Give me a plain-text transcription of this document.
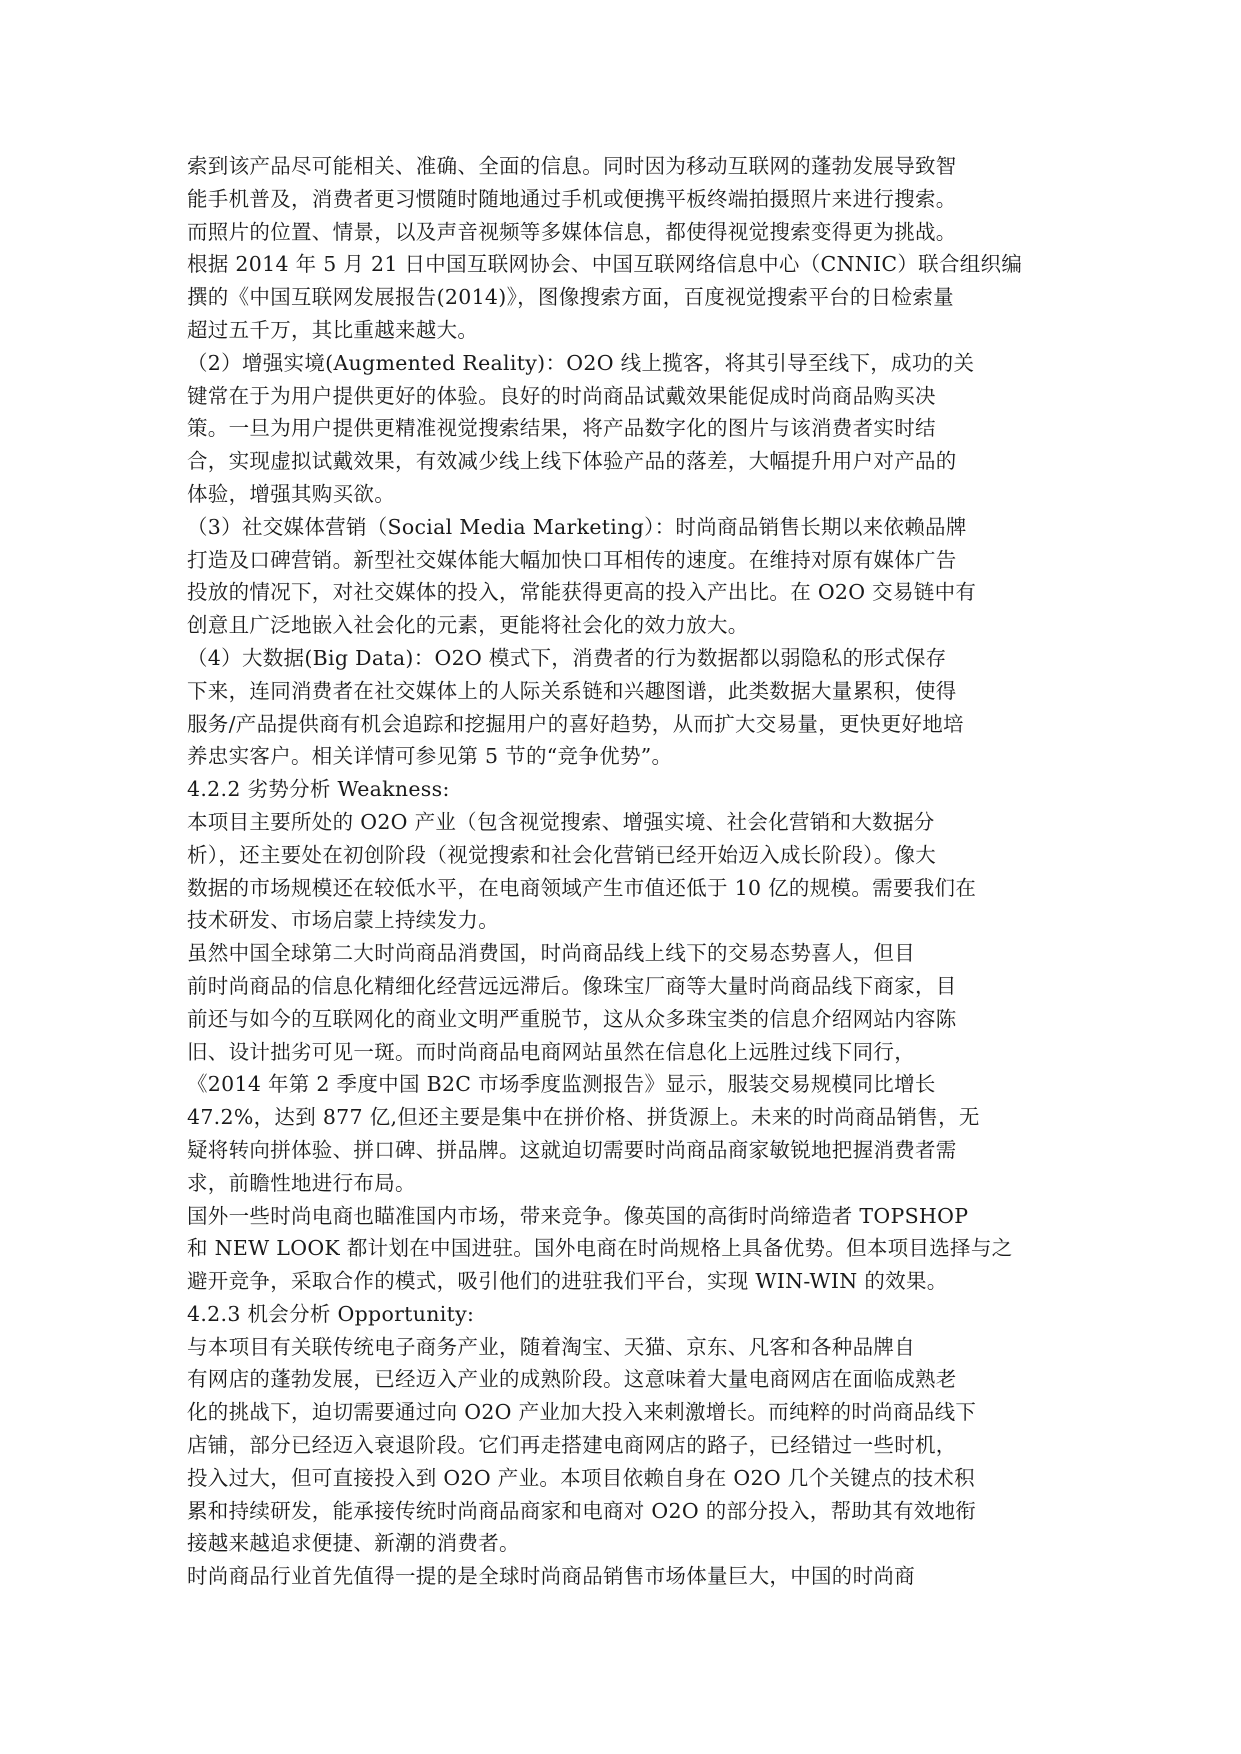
索到该产品尽可能相关、准确、全面的信息。同时因为移动互联网的蓬勃发展导致智
能手机普及，消费者更习惯随时随地通过手机或便携平板终端拍摄照片来进行搜索。
而照片的位置、情景，以及声音视频等多媒体信息，都使得视觉搜索变得更为挑战。
根据 2014 年 5 月 21 日中国互联网协会、中国互联网络信息中心（CNNIC）联合组织编
撰的《中国互联网发展报告(2014)》，图像搜索方面，百度视觉搜索平台的日检索量
超过五千万，其比重越来越大。
（2）增强实境(Augmented Reality)：O2O 线上揽客，将其引导至线下，成功的关
键常在于为用户提供更好的体验。良好的时尚商品试戴效果能促成时尚商品购买决
策。一旦为用户提供更精准视觉搜索结果，将产品数字化的图片与该消费者实时结
合，实现虚拟试戴效果，有效减少线上线下体验产品的落差，大幅提升用户对产品的
体验，增强其购买欲。
（3）社交媒体营销（Social Media Marketing）：时尚商品销售长期以来依赖品牌
打造及口碑营销。新型社交媒体能大幅加快口耳相传的速度。在维持对原有媒体广告
投放的情况下，对社交媒体的投入，常能获得更高的投入产出比。在 O2O 交易链中有
创意且广泛地嵌入社会化的元素，更能将社会化的效力放大。
（4）大数据(Big Data)：O2O 模式下，消费者的行为数据都以弱隐私的形式保存
下来，连同消费者在社交媒体上的人际关系链和兴趣图谱，此类数据大量累积，使得
服务/产品提供商有机会追踪和挖掘用户的喜好趋势，从而扩大交易量，更快更好地培
养忠实客户。相关详情可参见第 5 节的“竞争优势”。
4.2.2 劣势分析 Weakness:
本项目主要所处的 O2O 产业（包含视觉搜索、增强实境、社会化营销和大数据分
析），还主要处在初创阶段（视觉搜索和社会化营销已经开始迈入成长阶段）。像大
数据的市场规模还在较低水平，在电商领域产生市值还低于 10 亿的规模。需要我们在
技术研发、市场启蒙上持续发力。
虽然中国全球第二大时尚商品消费国，时尚商品线上线下的交易态势喜人，但目
前时尚商品的信息化精细化经营远远滞后。像珠宝厂商等大量时尚商品线下商家，目
前还与如今的互联网化的商业文明严重脱节，这从众多珠宝类的信息介绍网站内容陈
旧、设计拙劣可见一斑。而时尚商品电商网站虽然在信息化上远胜过线下同行，
《2014 年第 2 季度中国 B2C 市场季度监测报告》显示，服装交易规模同比增长
47.2%，达到 877 亿,但还主要是集中在拼价格、拼货源上。未来的时尚商品销售，无
疑将转向拼体验、拼口碑、拼品牌。这就迫切需要时尚商品商家敏锐地把握消费者需
求，前瞻性地进行布局。
国外一些时尚电商也瞄准国内市场，带来竞争。像英国的高街时尚缔造者 TOPSHOP
和 NEW LOOK 都计划在中国进驻。国外电商在时尚规格上具备优势。但本项目选择与之
避开竞争，采取合作的模式，吸引他们的进驻我们平台，实现 WIN-WIN 的效果。
4.2.3 机会分析 Opportunity:
与本项目有关联传统电子商务产业，随着淘宝、天猫、京东、凡客和各种品牌自
有网店的蓬勃发展，已经迈入产业的成熟阶段。这意味着大量电商网店在面临成熟老
化的挑战下，迫切需要通过向 O2O 产业加大投入来刺激增长。而纯粹的时尚商品线下
店铺，部分已经迈入衰退阶段。它们再走搭建电商网店的路子，已经错过一些时机，
投入过大，但可直接投入到 O2O 产业。本项目依赖自身在 O2O 几个关键点的技术积
累和持续研发，能承接传统时尚商品商家和电商对 O2O 的部分投入，帮助其有效地衔
接越来越追求便捷、新潮的消费者。
时尚商品行业首先值得一提的是全球时尚商品销售市场体量巨大，中国的时尚商
